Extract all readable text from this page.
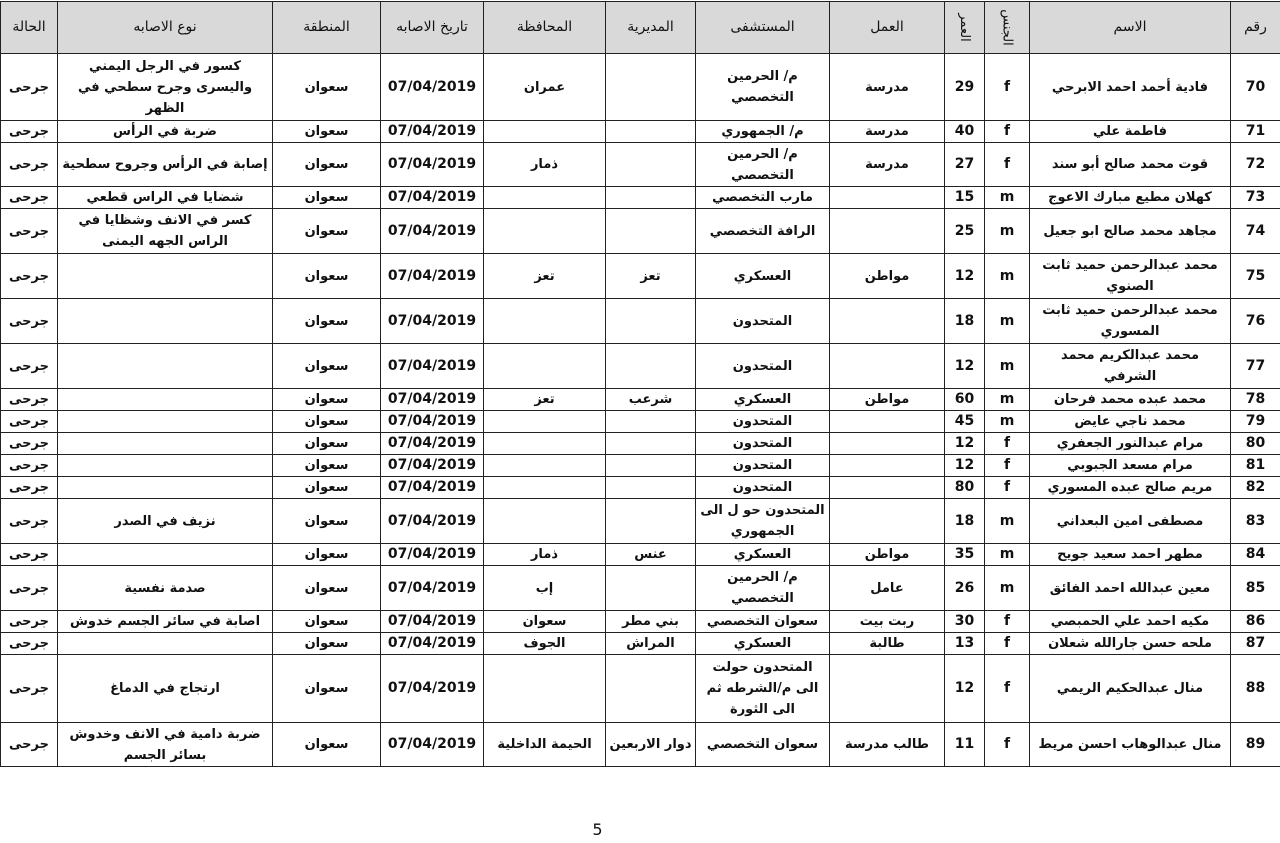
رقم	الاسم	الجنس	العمر	العمل	المستشفى	المديرية	المحافظة	تاريخ الاصابه	المنطقة	نوع الاصابه	الحالة
70	فادية أحمد احمد الابرحي	f	29	مدرسة	م/ الحرمين التخصصي		عمران	07/04/2019	سعوان	كسور في الرجل اليمني واليسرى وجرح سطحي في الظهر	جرحى
71	فاطمة علي	f	40	مدرسة	م/ الجمهوري			07/04/2019	سعوان	ضربة في الرأس	جرحى
72	قوت محمد صالح أبو سند	f	27	مدرسة	م/ الحرمين التخصصي		ذمار	07/04/2019	سعوان	إصابة في الرأس وجروح سطحية	جرحى
73	كهلان مطيع مبارك الاعوج	m	15		مارب التخصصي			07/04/2019	سعوان	شضايا في الراس قطعي	جرحى
74	مجاهد محمد صالح ابو جعيل	m	25		الرافة التخصصي			07/04/2019	سعوان	كسر في الانف وشظايا في الراس الجهه اليمنى	جرحى
75	محمد عبدالرحمن حميد ثابت الصنوي	m	12	مواطن	العسكري	تعز	تعز	07/04/2019	سعوان		جرحى
76	محمد عبدالرحمن حميد ثابت المسوري	m	18		المتحدون			07/04/2019	سعوان		جرحى
77	محمد عبدالكريم محمد الشرفي	m	12		المتحدون			07/04/2019	سعوان		جرحى
78	محمد عبده محمد فرحان	m	60	مواطن	العسكري	شرعب	تعز	07/04/2019	سعوان		جرحى
79	محمد ناجي عايض	m	45		المتحدون			07/04/2019	سعوان		جرحى
80	مرام عبدالنور الجعفري	f	12		المتحدون			07/04/2019	سعوان		جرحى
81	مرام مسعد الجبوبي	f	12		المتحدون			07/04/2019	سعوان		جرحى
82	مريم صالح عبده المسوري	f	80		المتحدون			07/04/2019	سعوان		جرحى
83	مصطفى امين البعداني	m	18		المتحدون حو ل الى الجمهوري			07/04/2019	سعوان	نزيف في الصدر	جرحى
84	مطهر احمد سعيد جويح	m	35	مواطن	العسكري	عنس	ذمار	07/04/2019	سعوان		جرحى
85	معين عبدالله احمد الفائق	m	26	عامل	م/ الحرمين التخصصي		إب	07/04/2019	سعوان	صدمة نفسية	جرحى
86	مكيه احمد علي الحمبصي	f	30	ربت بيت	سعوان التخصصي	بني مطر	سعوان	07/04/2019	سعوان	اصابة في سائر الجسم خدوش	جرحى
87	ملحه حسن جارالله شعلان	f	13	طالبة	العسكري	المراش	الجوف	07/04/2019	سعوان		جرحى
88	منال عبدالحكيم الريمي	f	12		المتحدون حولت الى م/الشرطه ثم الى الثورة			07/04/2019	سعوان	ارتجاج في الدماغ	جرحى
89	منال عبدالوهاب احسن مريط	f	11	طالب مدرسة	سعوان التخصصي	دوار الاربعين	الحيمة الداخلية	07/04/2019	سعوان	ضربة دامية في الانف وخدوش بسائر الجسم	جرحى
5
